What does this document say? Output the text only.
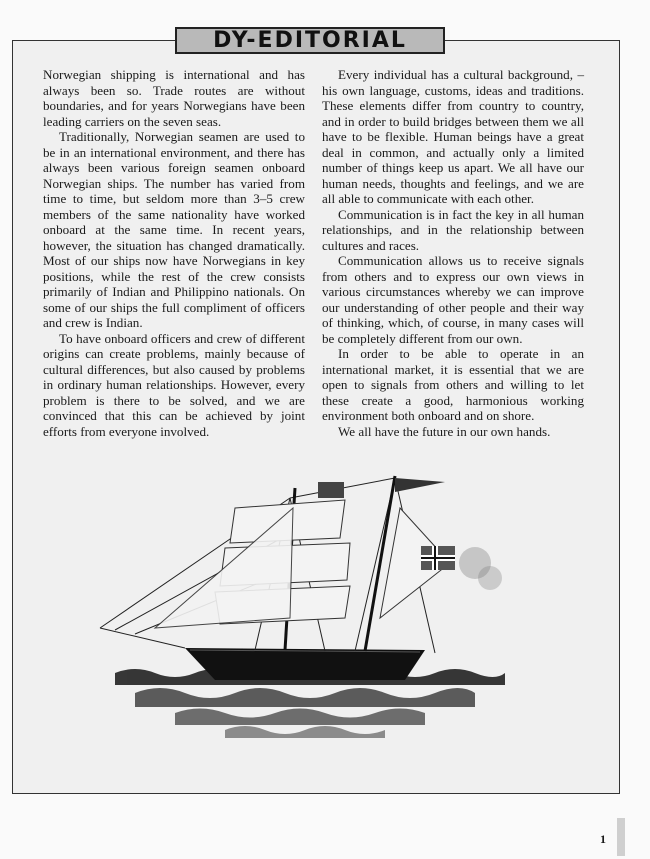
DY-EDITORIAL

Norwegian shipping is international and has always been so. Trade routes are without boundaries, and for years Norwegians have been leading carriers on the seven seas.

Traditionally, Norwegian seamen are used to be in an international environment, and there has always been various foreign seamen onboard Norwegian ships. The number has varied from time to time, but seldom more than 3–5 crew members of the same nationality have worked onboard at the same time. In recent years, however, the situation has changed dramatically. Most of our ships now have Norwegians in key positions, while the rest of the crew consists primarily of Indian and Philippino nationals. On some of our ships the full compliment of officers and crew is Indian.

To have onboard officers and crew of different origins can create problems, mainly because of cultural differences, but also caused by problems in ordinary human relationships. However, every problem is there to be solved, and we are convinced that this can be achieved by joint efforts from everyone involved.

Every individual has a cultural background, – his own language, customs, ideas and traditions. These elements differ from country to country, and in order to build bridges between them we all have to be flexible. Human beings have a great deal in common, and actually only a limited number of things keep us apart. We all have our human needs, thoughts and feelings, and we are all able to communicate with each other.

Communication is in fact the key in all human relationships, and in the relationship between cultures and races.

Communication allows us to receive signals from others and to express our own views in various circumstances whereby we can improve our understanding of other people and their way of thinking, which, of course, in many cases will be completely different from our own.

In order to be able to operate in an international market, it is essential that we are open to signals from others and willing to let these create a good, harmonious working environment both onboard and on shore.

We all have the future in our own hands.

1
